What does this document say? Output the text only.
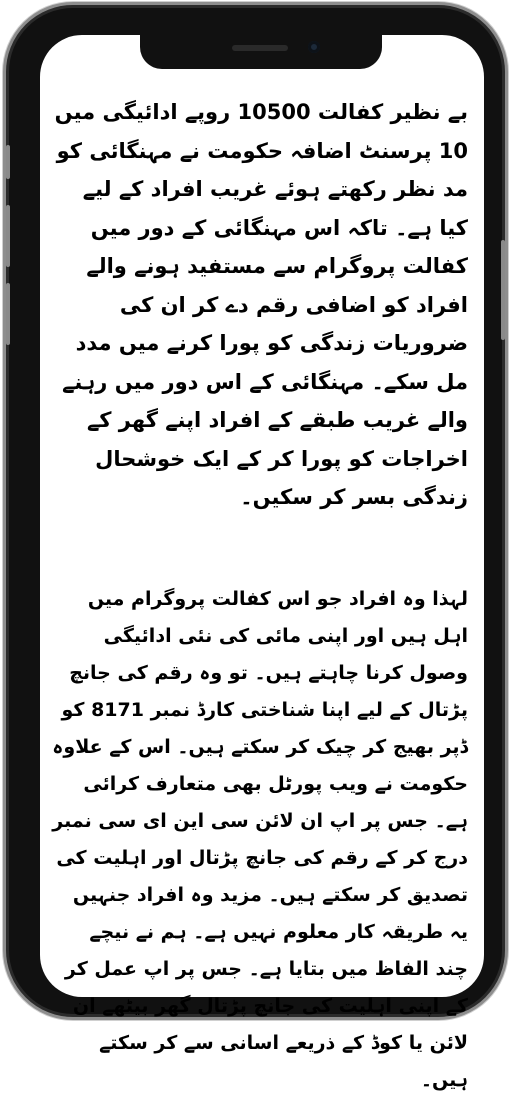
بے نظیر کفالت 10500 روپے ادائیگی میں 10 پرسنٹ اضافہ حکومت نے مہنگائی کو مد نظر رکھتے ہوئے غریب افراد کے لیے کیا ہے۔ تاکہ اس مہنگائی کے دور میں کفالت پروگرام سے مستفید ہونے والے افراد کو اضافی رقم دے کر ان کی ضروریات زندگی کو پورا کرنے میں مدد مل سکے۔ مہنگائی کے اس دور میں رہنے والے غریب طبقے کے افراد اپنے گھر کے اخراجات کو پورا کر کے ایک خوشحال زندگی بسر کر سکیں۔

لہذا وہ افراد جو اس کفالت پروگرام میں اہل ہیں اور اپنی مائی کی نئی ادائیگی وصول کرنا چاہتے ہیں۔ تو وہ رقم کی جانچ پڑتال کے لیے اپنا شناختی کارڈ نمبر 8171 کو ڈپر بھیج کر چیک کر سکتے ہیں۔ اس کے علاوہ حکومت نے ویب پورٹل بھی متعارف کرائی ہے۔ جس پر اپ ان لائن سی این ای سی نمبر درج کر کے رقم کی جانچ پڑتال اور اہلیت کی تصدیق کر سکتے ہیں۔ مزید وہ افراد جنہیں یہ طریقہ کار معلوم نہیں ہے۔ ہم نے نیچے چند الفاظ میں بتایا ہے۔ جس پر اپ عمل کر کے اپنی اہلیت کی جانچ پڑتال گھر بیٹھے ان لائن یا کوڈ کے ذریعے اسانی سے کر سکتے ہیں۔
